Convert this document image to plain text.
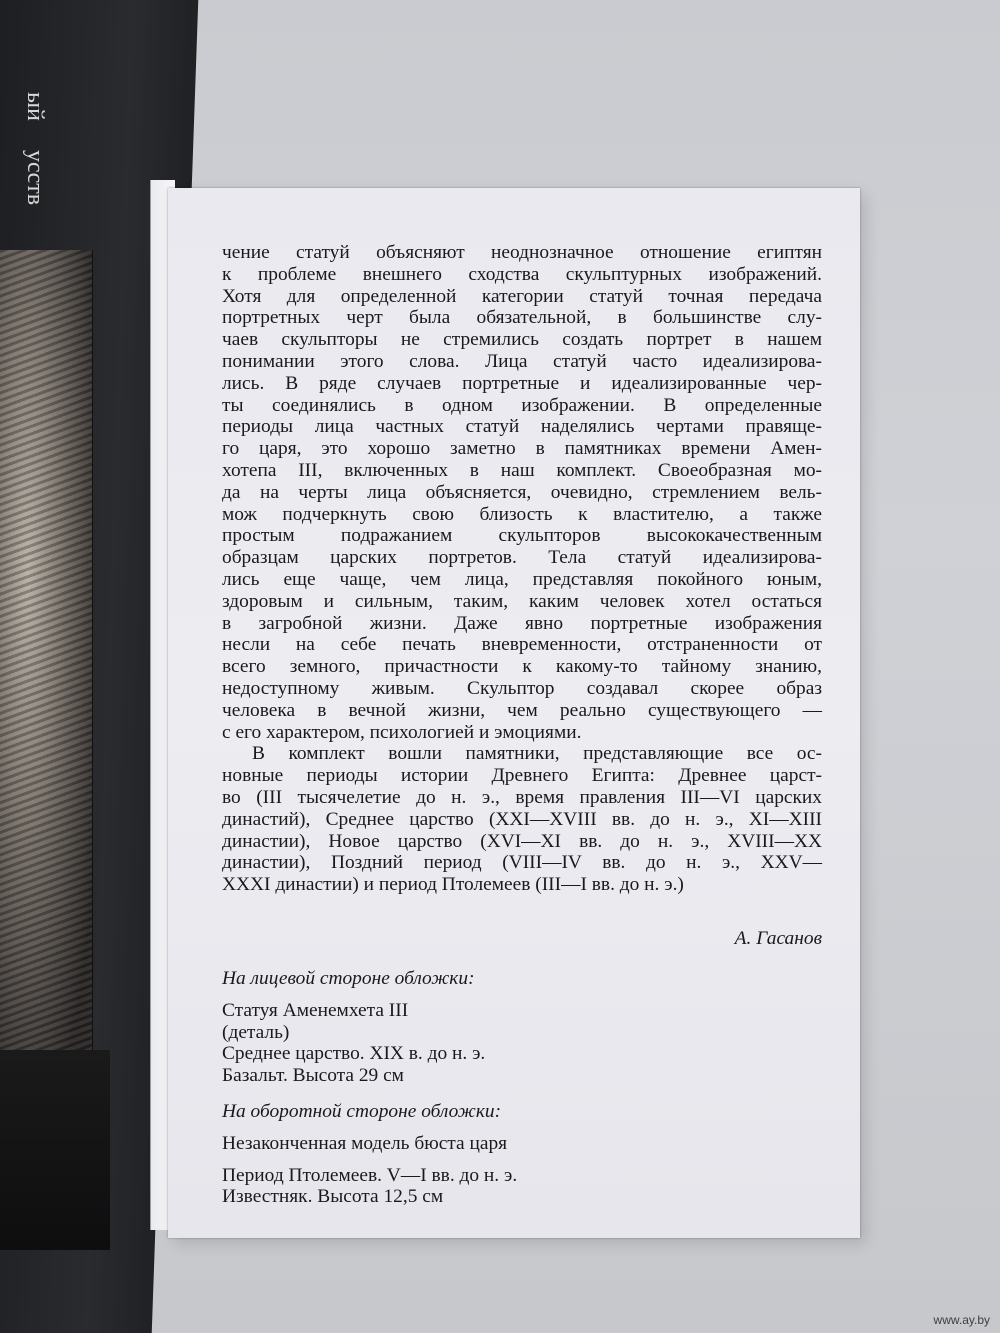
ый
усств
чение статуй объясняют неоднозначное отношение египтян
к проблеме внешнего сходства скульптурных изображений.
Хотя для определенной категории статуй точная передача
портретных черт была обязательной, в большинстве слу-
чаев скульпторы не стремились создать портрет в нашем
понимании этого слова. Лица статуй часто идеализирова-
лись. В ряде случаев портретные и идеализированные чер-
ты соединялись в одном изображении. В определенные
периоды лица частных статуй наделялись чертами правяще-
го царя, это хорошо заметно в памятниках времени Амен-
хотепа III, включенных в наш комплект. Своеобразная мо-
да на черты лица объясняется, очевидно, стремлением вель-
мож подчеркнуть свою близость к властителю, а также
простым подражанием скульпторов высококачественным
образцам царских портретов. Тела статуй идеализирова-
лись еще чаще, чем лица, представляя покойного юным,
здоровым и сильным, таким, каким человек хотел остаться
в загробной жизни. Даже явно портретные изображения
несли на себе печать вневременности, отстраненности от
всего земного, причастности к какому-то тайному знанию,
недоступному живым. Скульптор создавал скорее образ
человека в вечной жизни, чем реально существующего —
с его характером, психологией и эмоциями.
В комплект вошли памятники, представляющие все ос-
новные периоды истории Древнего Египта: Древнее царст-
во (III тысячелетие до н. э., время правления III—VI царских
династий), Среднее царство (XXI—XVIII вв. до н. э., XI—XIII
династии), Новое царство (XVI—XI вв. до н. э., XVIII—XX
династии), Поздний период (VIII—IV вв. до н. э., XXV—
XXXI династии) и период Птолемеев (III—I вв. до н. э.)
А. Гасанов
На лицевой стороне обложки:
Статуя Аменемхета III
(деталь)
Среднее царство. XIX в. до н. э.
Базальт. Высота 29 см
На оборотной стороне обложки:
Незаконченная модель бюста царя
Период Птолемеев. V—I вв. до н. э.
Известняк. Высота 12,5 см
www.ay.by
